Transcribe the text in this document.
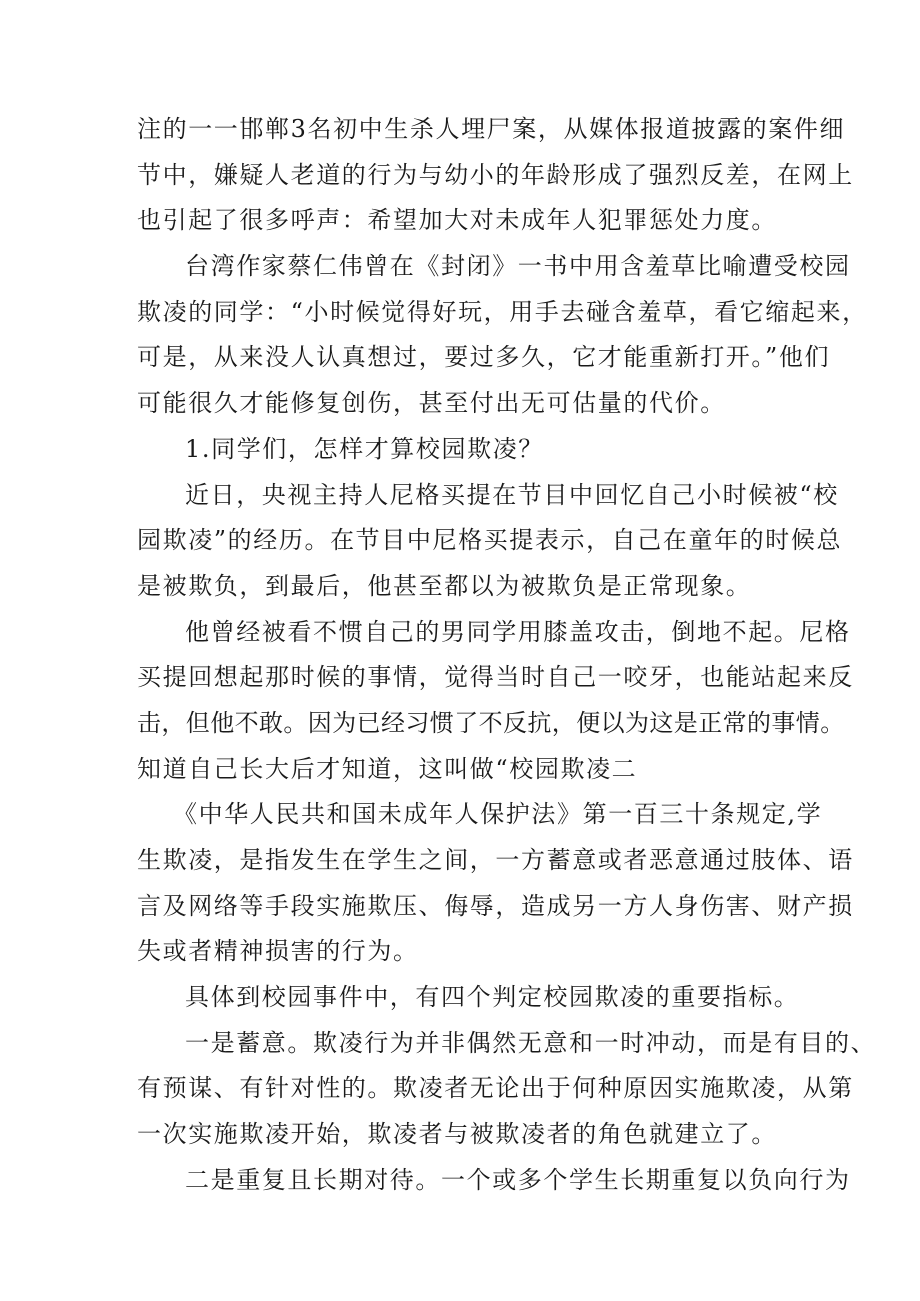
注的一一邯郸3名初中生杀人埋尸案，从媒体报道披露的案件细
节中，嫌疑人老道的行为与幼小的年龄形成了强烈反差，在网上
也引起了很多呼声：希望加大对未成年人犯罪惩处力度。

台湾作家蔡仁伟曾在《封闭》一书中用含羞草比喻遭受校园
欺凌的同学：“小时候觉得好玩，用手去碰含羞草，看它缩起来，
可是，从来没人认真想过，要过多久，它才能重新打开。”他们
可能很久才能修复创伤，甚至付出无可估量的代价。

1.同学们，怎样才算校园欺凌？

近日，央视主持人尼格买提在节目中回忆自己小时候被“校
园欺凌”的经历。在节目中尼格买提表示，自己在童年的时候总
是被欺负，到最后，他甚至都以为被欺负是正常现象。

他曾经被看不惯自己的男同学用膝盖攻击，倒地不起。尼格
买提回想起那时候的事情，觉得当时自己一咬牙，也能站起来反
击，但他不敢。因为已经习惯了不反抗，便以为这是正常的事情。
知道自己长大后才知道，这叫做“校园欺凌二

《中华人民共和国未成年人保护法》第一百三十条规定,学
生欺凌，是指发生在学生之间，一方蓄意或者恶意通过肢体、语
言及网络等手段实施欺压、侮辱，造成另一方人身伤害、财产损
失或者精神损害的行为。

具体到校园事件中，有四个判定校园欺凌的重要指标。

一是蓄意。欺凌行为并非偶然无意和一时冲动，而是有目的、
有预谋、有针对性的。欺凌者无论出于何种原因实施欺凌，从第
一次实施欺凌开始，欺凌者与被欺凌者的角色就建立了。

二是重复且长期对待。一个或多个学生长期重复以负向行为
